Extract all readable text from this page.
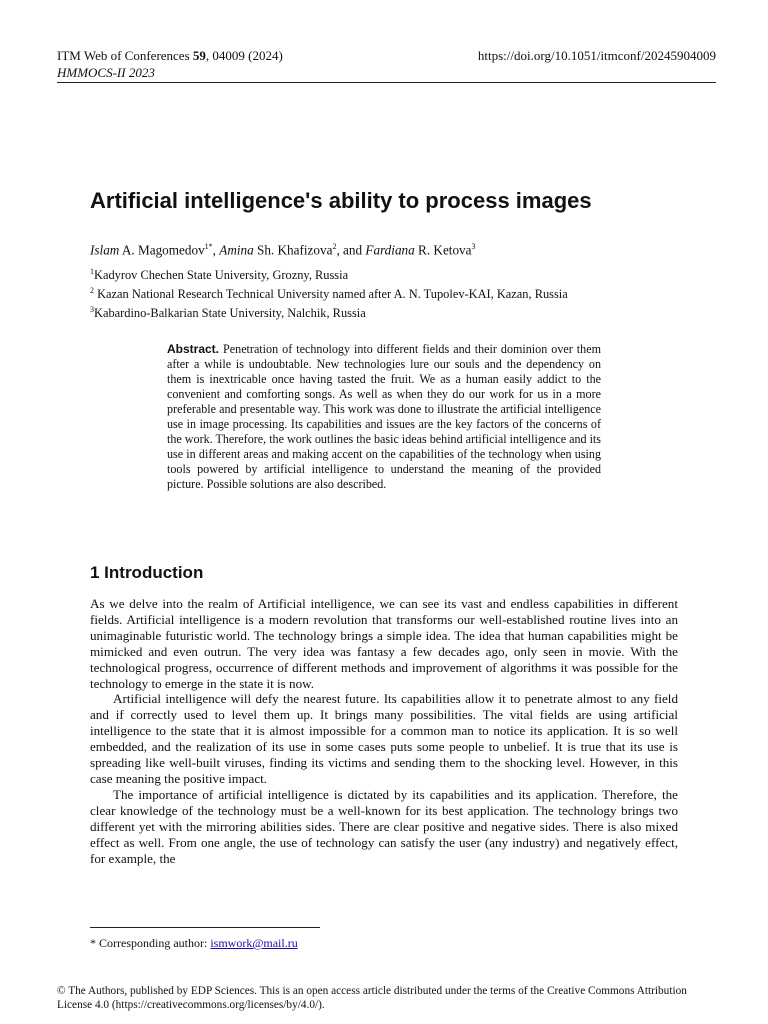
ITM Web of Conferences 59, 04009 (2024)
HMMOCS-II 2023
https://doi.org/10.1051/itmconf/20245904009
Artificial intelligence's ability to process images
Islam A. Magomedov$^{1*}$, Amina Sh. Khafizova$^2$, and Fardiana R. Ketova$^3$
$^1$Kadyrov Chechen State University, Grozny, Russia
$^2$ Kazan National Research Technical University named after A. N. Tupolev-KAI, Kazan, Russia
$^3$Kabardino-Balkarian State University, Nalchik, Russia
Abstract. Penetration of technology into different fields and their dominion over them after a while is undoubtable. New technologies lure our souls and the dependency on them is inextricable once having tasted the fruit. We as a human easily addict to the convenient and comforting songs. As well as when they do our work for us in a more preferable and presentable way. This work was done to illustrate the artificial intelligence use in image processing. Its capabilities and issues are the key factors of the concerns of the work. Therefore, the work outlines the basic ideas behind artificial intelligence and its use in different areas and making accent on the capabilities of the technology when using tools powered by artificial intelligence to understand the meaning of the provided picture. Possible solutions are also described.
1 Introduction

As we delve into the realm of Artificial intelligence, we can see its vast and endless capabilities in different fields. Artificial intelligence is a modern revolution that transforms our well-established routine lives into an unimaginable futuristic world. The technology brings a simple idea. The idea that human capabilities might be mimicked and even outrun. The very idea was fantasy a few decades ago, only seen in movie. With the technological progress, occurrence of different methods and improvement of algorithms it was possible for the technology to emerge in the state it is now.

Artificial intelligence will defy the nearest future. Its capabilities allow it to penetrate almost to any field and if correctly used to level them up. It brings many possibilities. The vital fields are using artificial intelligence to the state that it is almost impossible for a common man to notice its application. It is so well embedded, and the realization of its use in some cases puts some people to unbelief. It is true that its use is spreading like well-built viruses, finding its victims and sending them to the shocking level. However, in this case meaning the positive impact.

The importance of artificial intelligence is dictated by its capabilities and its application. Therefore, the clear knowledge of the technology must be a well-known for its best application. The technology brings two different yet with the mirroring abilities sides. There are clear positive and negative sides. There is also mixed effect as well. From one angle, the use of technology can satisfy the user (any industry) and negatively effect, for example, the

* Corresponding author: ismwork@mail.ru
© The Authors, published by EDP Sciences. This is an open access article distributed under the terms of the Creative Commons Attribution License 4.0 (https://creativecommons.org/licenses/by/4.0/).
